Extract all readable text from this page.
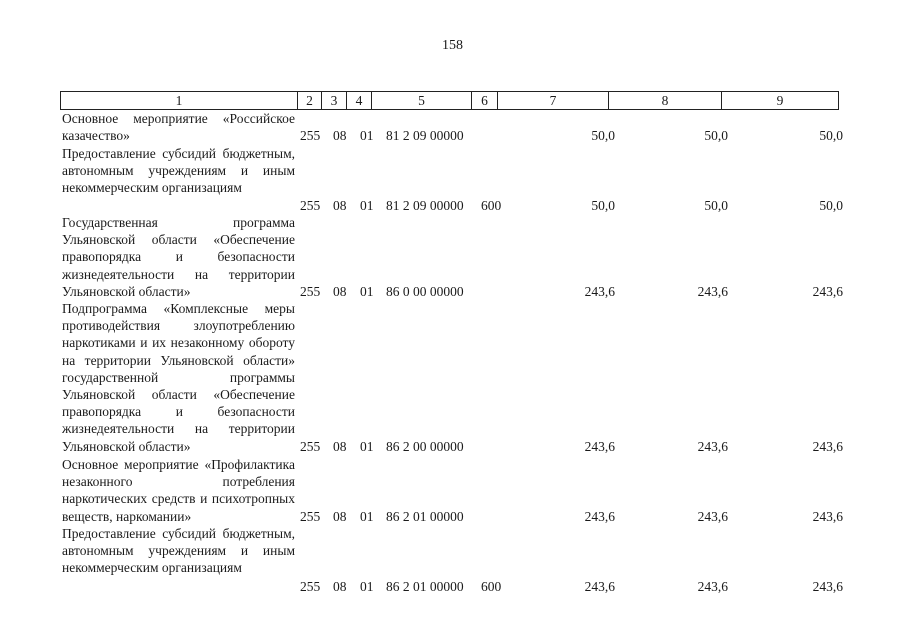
158
1	2	3	4	5	6	7	8	9
Основное мероприятие «Российское казачество»	255 08 01 81 2 09 00000	50,0	50,0	50,0
Предоставление субсидий бюджетным, автономным учреждениям и иным некоммерческим организациям
255 08 01 81 2 09 00000 600	50,0	50,0	50,0
Государственная программа Ульяновской области «Обеспечение правопорядка и безопасности жизнедеятельности на территории Ульяновской области»	255 08 01 86 0 00 00000	243,6	243,6	243,6
Подпрограмма «Комплексные меры противодействия злоупотреблению наркотиками и их незаконному обороту на территории Ульяновской области» государственной программы Ульяновской области «Обеспечение правопорядка и безопасности жизнедеятельности на территории Ульяновской области»	255 08 01 86 2 00 00000	243,6	243,6	243,6
Основное мероприятие «Профилактика незаконного потребления наркотических средств и психотропных веществ, наркомании»	255 08 01 86 2 01 00000	243,6	243,6	243,6
Предоставление субсидий бюджетным, автономным учреждениям и иным некоммерческим организациям
255 08 01 86 2 01 00000 600	243,6	243,6	243,6
